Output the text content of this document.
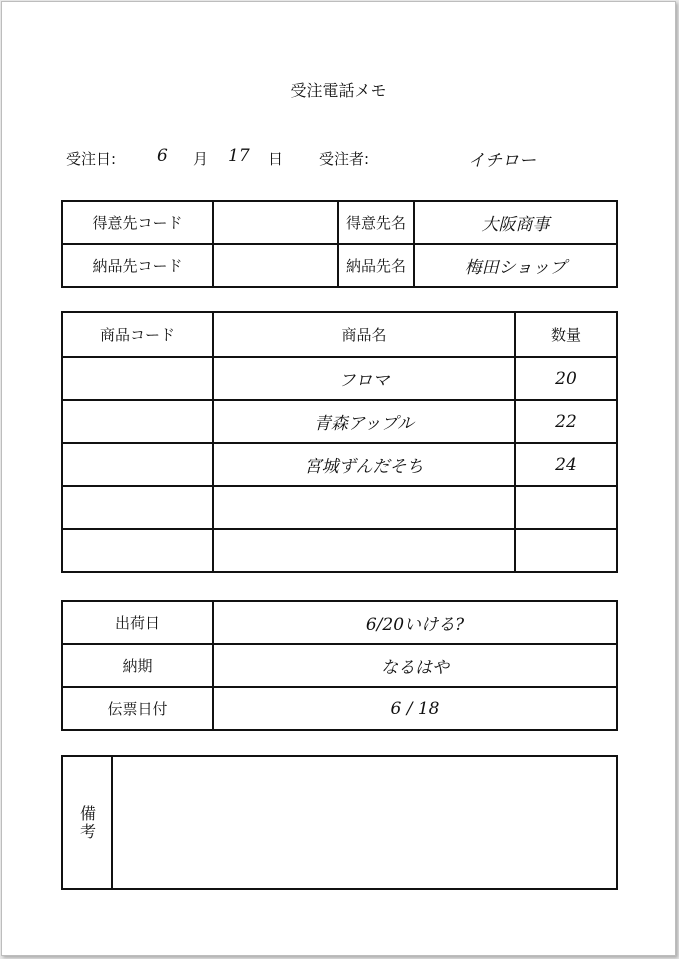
受注電話メモ
受注日: 6 月 17 日 受注者:	イチロー
得意先コード		得意先名	大阪商事
納品先コード		納品先名	梅田ショップ
商品コード	商品名	数量
	フロマ	20
	青森アップル	22
	宮城ずんだそち	24

出荷日	6/20いける?
納期	なるはや
伝票日付	6 / 18
備考
